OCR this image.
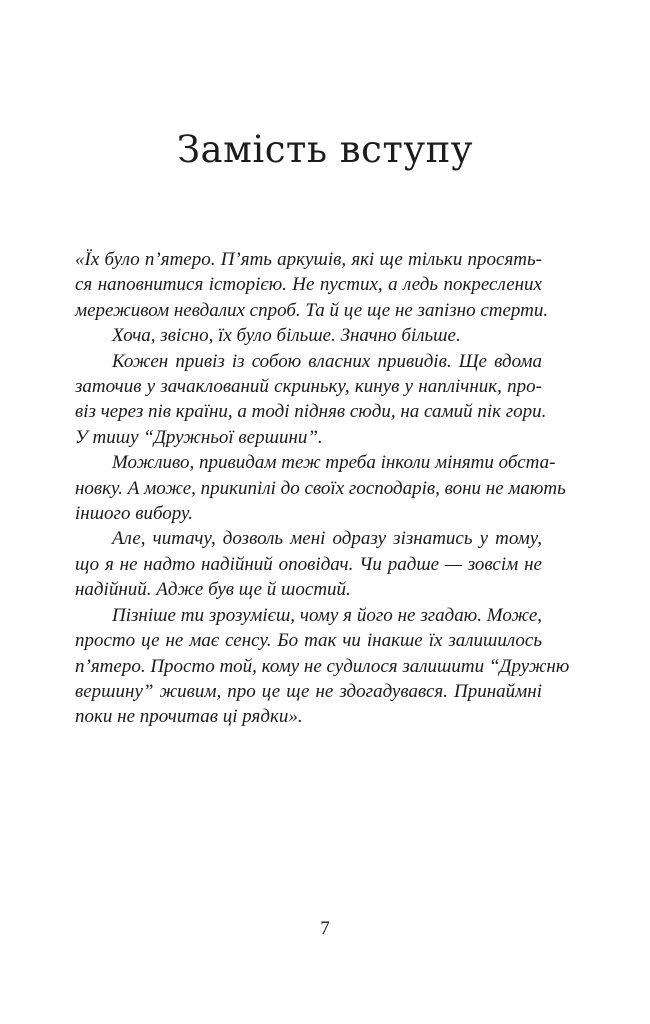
Замість вступу
«Їх було п’ятеро. П’ять аркушів, які ще тільки просять-
ся наповнитися історією. Не пустих, а ледь покреслених
мереживом невдалих спроб. Та й це ще не запізно стерти.
Хоча, звісно, їх було більше. Значно більше.
Кожен привіз із собою власних привидів. Ще вдома
заточив у зачаклований скриньку, кинув у наплічник, про-
віз через пів країни, а тоді підняв сюди, на самий пік гори.
У тишу “Дружньої вершини”.
Можливо, привидам теж треба інколи міняти обста-
новку. А може, прикипілі до своїх господарів, вони не мають
іншого вибору.
Але, читачу, дозволь мені одразу зізнатись у тому,
що я не надто надійний оповідач. Чи радше — зовсім не
надійний. Адже був ще й шостий.
Пізніше ти зрозумієш, чому я його не згадаю. Може,
просто це не має сенсу. Бо так чи інакше їх залишилось
п’ятеро. Просто той, кому не судилося залишити “Дружню
вершину” живим, про це ще не здогадувався. Принаймні
поки не прочитав ці рядки».
7
